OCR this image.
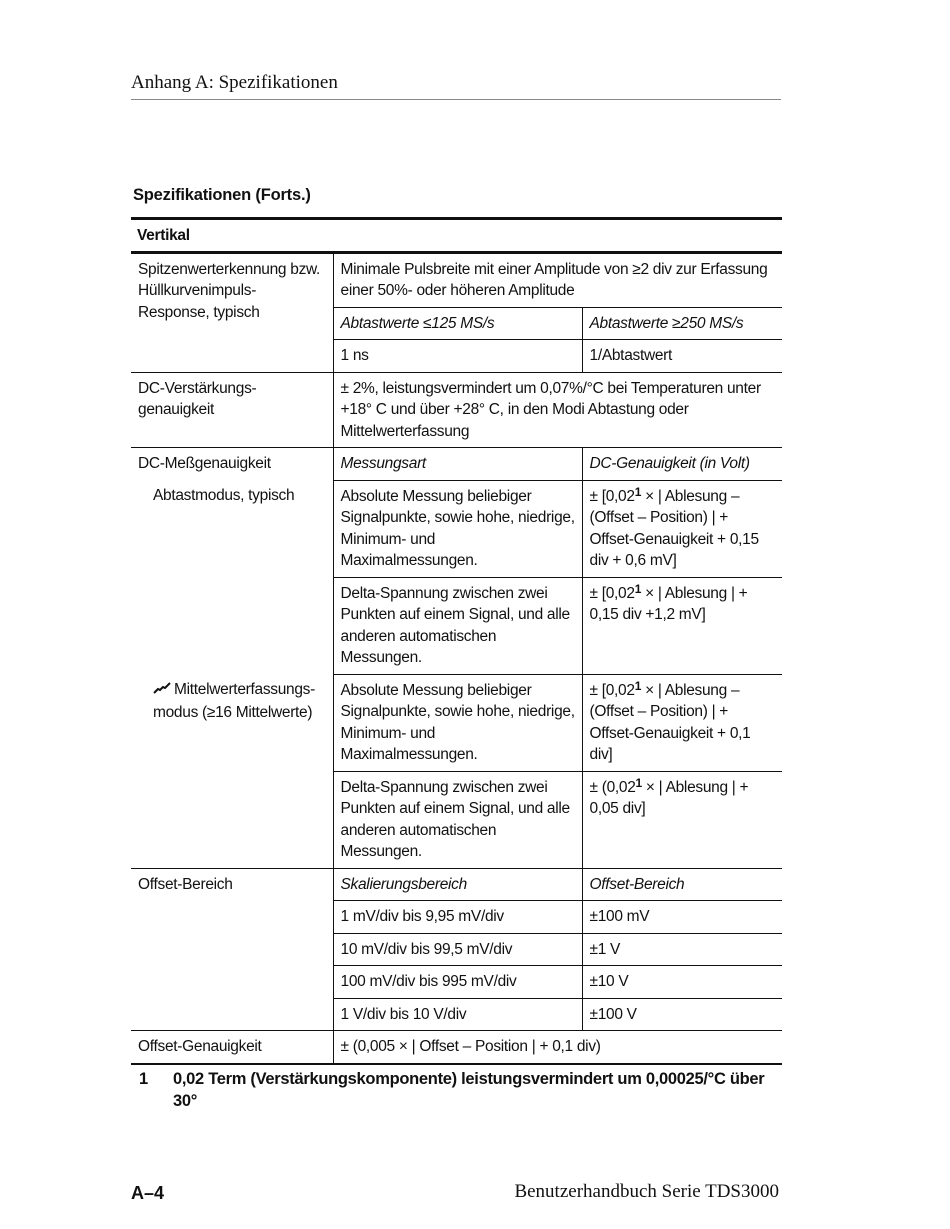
Anhang A: Spezifikationen
Spezifikationen (Forts.)
Vertikal		
Spitzenwerterkennung bzw. Hüllkurvenimpuls-Response, typisch	Minimale Pulsbreite mit einer Amplitude von ≥2 div zur Erfassung einer 50%- oder höheren Amplitude	
	Abtastwerte ≤125 MS/s	Abtastwerte ≥250 MS/s
	1 ns	1/Abtastwert
DC-Verstärkungs-genauigkeit	± 2%, leistungsvermindert um 0,07%/°C bei Temperaturen unter +18° C und über +28° C, in den Modi Abtastung oder Mittelwerterfassung	
DC-Meßgenauigkeit	Messungsart	DC-Genauigkeit (in Volt)

Abtastmodus, typisch	Absolute Messung beliebiger Signalpunkte, sowie hohe, niedrige, Minimum- und Maximalmessungen.	± [$0,02^1$ × | Ablesung – (Offset – Position) | + Offset-Genauigkeit + 0,15 div + 0,6 mV]
	Delta-Spannung zwischen zwei Punkten auf einem Signal, und alle anderen automatischen Messungen.	± [$0,02^1$ × | Ablesung | + 0,15 div +1,2 mV]

Mittelwerterfassungs-modus (≥16 Mittelwerte)	Absolute Messung beliebiger Signalpunkte, sowie hohe, niedrige, Minimum- und Maximalmessungen.	± [$0,02^1$ × | Ablesung – (Offset – Position) | + Offset-Genauigkeit + 0,1 div]
	Delta-Spannung zwischen zwei Punkten auf einem Signal, und alle anderen automatischen Messungen.	± ($0,02^1$ × | Ablesung | + 0,05 div]
Offset-Bereich	Skalierungsbereich	Offset-Bereich
	1 mV/div bis 9,95 mV/div	±100 mV
	10 mV/div bis 99,5 mV/div	±1 V
	100 mV/div bis 995 mV/div	±10 V
	1 V/div bis 10 V/div	±100 V
Offset-Genauigkeit	± (0,005 × | Offset – Position | + 0,1 div)	
1 0,02 Term (Verstärkungskomponente) leistungsvermindert um 0,00025/°C über 30°
A–4	Benutzerhandbuch Serie TDS3000
